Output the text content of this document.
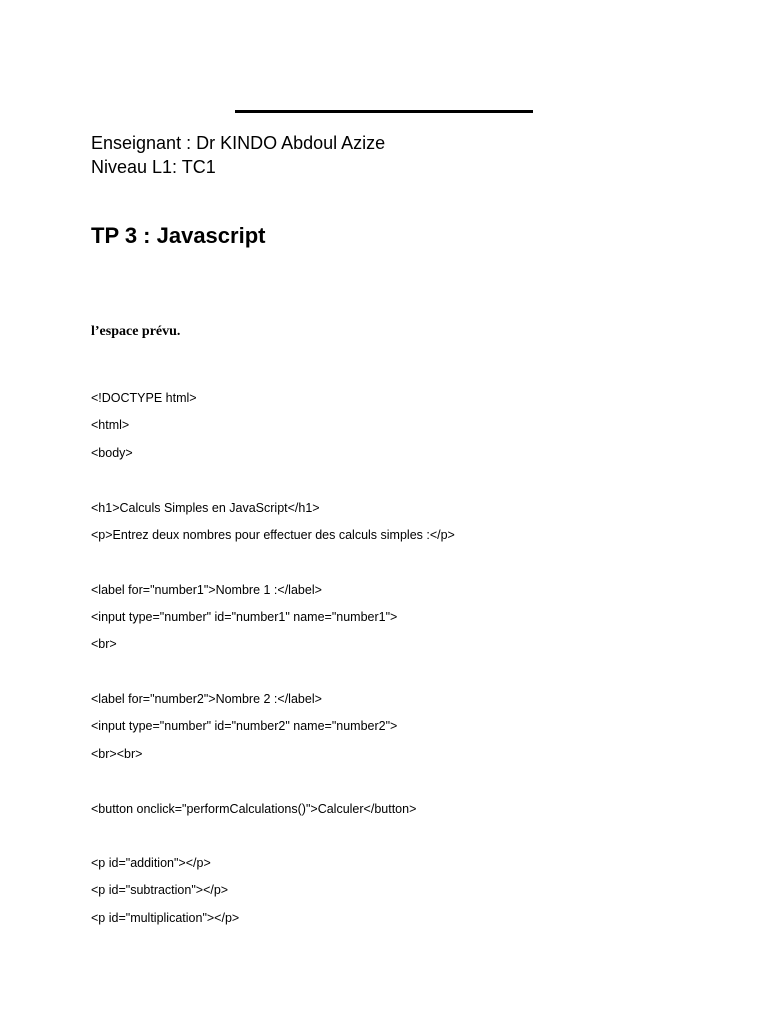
Enseignant : Dr KINDO Abdoul Azize
Niveau L1: TC1
TP 3 : Javascript
l’espace prévu.
<!DOCTYPE html>
<html>
<body>
<h1>Calculs Simples en JavaScript</h1>
<p>Entrez deux nombres pour effectuer des calculs simples :</p>
<label for="number1">Nombre 1 :</label>
<input type="number" id="number1" name="number1">
<br>
<label for="number2">Nombre 2 :</label>
<input type="number" id="number2" name="number2">
<br><br>
<button onclick="performCalculations()">Calculer</button>
<p id="addition"></p>
<p id="subtraction"></p>
<p id="multiplication"></p>
